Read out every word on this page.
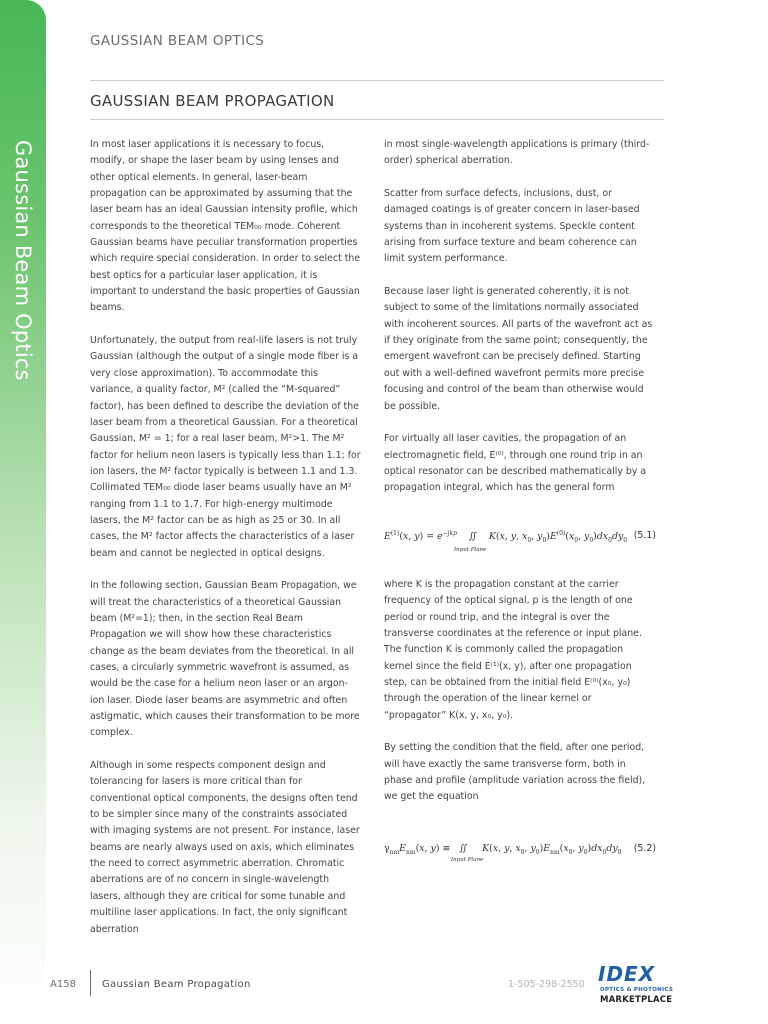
Gaussian Beam Optics
GAUSSIAN BEAM OPTICS
GAUSSIAN BEAM PROPAGATION

In most laser applications it is necessary to focus, modify, or shape the laser beam by using lenses and other optical elements. In general, laser-beam propagation can be approximated by assuming that the laser beam has an ideal Gaussian intensity profile, which corresponds to the theoretical TEM₀₀ mode. Coherent Gaussian beams have peculiar transformation properties which require special consideration. In order to select the best optics for a particular laser application, it is important to understand the basic properties of Gaussian beams.

Unfortunately, the output from real-life lasers is not truly Gaussian (although the output of a single mode fiber is a very close approximation). To accommodate this variance, a quality factor, M² (called the “M-squared” factor), has been defined to describe the deviation of the laser beam from a theoretical Gaussian. For a theoretical Gaussian, M² = 1; for a real laser beam, M²>1. The M² factor for helium neon lasers is typically less than 1.1; for ion lasers, the M² factor typically is between 1.1 and 1.3. Collimated TEM₀₀ diode laser beams usually have an M² ranging from 1.1 to 1.7. For high-energy multimode lasers, the M² factor can be as high as 25 or 30. In all cases, the M² factor affects the characteristics of a laser beam and cannot be neglected in optical designs.

In the following section, Gaussian Beam Propagation, we will treat the characteristics of a theoretical Gaussian beam (M²=1); then, in the section Real Beam Propagation we will show how these characteristics change as the beam deviates from the theoretical. In all cases, a circularly symmetric wavefront is assumed, as would be the case for a helium neon laser or an argon-ion laser. Diode laser beams are asymmetric and often astigmatic, which causes their transformation to be more complex.

Although in some respects component design and tolerancing for lasers is more critical than for conventional optical components, the designs often tend to be simpler since many of the constraints associated with imaging systems are not present. For instance, laser beams are nearly always used on axis, which eliminates the need to correct asymmetric aberration. Chromatic aberrations are of no concern in single-wavelength lasers, although they are critical for some tunable and multiline laser applications. In fact, the only significant aberration

in most single-wavelength applications is primary (third-order) spherical aberration.

Scatter from surface defects, inclusions, dust, or damaged coatings is of greater concern in laser-based systems than in incoherent systems. Speckle content arising from surface texture and beam coherence can limit system performance.

Because laser light is generated coherently, it is not subject to some of the limitations normally associated with incoherent sources. All parts of the wavefront act as if they originate from the same point; consequently, the emergent wavefront can be precisely defined. Starting out with a well-defined wavefront permits more precise focusing and control of the beam than otherwise would be possible.

For virtually all laser cavities, the propagation of an electromagnetic field, E⁽⁰⁾, through one round trip in an optical resonator can be described mathematically by a propagation integral, which has the general form

where K is the propagation constant at the carrier frequency of the optical signal, p is the length of one period or round trip, and the integral is over the transverse coordinates at the reference or input plane. The function K is commonly called the propagation kernel since the field E⁽¹⁾(x, y), after one propagation step, can be obtained from the initial field E⁽⁰⁾(x₀, y₀) through the operation of the linear kernel or “propagator” K(x, y, x₀, y₀).

By setting the condition that the field, after one period, will have exactly the same transverse form, both in phase and profile (amplitude variation across the field), we get the equation

$E^{(1)}(x$, $y) = e^{-jkp}$    ∬    K(x, y, $x_0$, $y_0)E^{(0)}(x_0$, $y_0)dx_0dy_0$
Input Plane
(5.1)
$\gamma_{nm}E_{nm}(x$, y) ≡   ∬     K(x, y, $x_0$, $y_0)E_{nm}(x_0$, $y_0)dx_0dy_0$
Input Plane
(5.2)
A158	Gaussian Beam Propagation	1-505-298-2550 IDEX
OPTICS & PHOTONICS
MARKETPLACE
